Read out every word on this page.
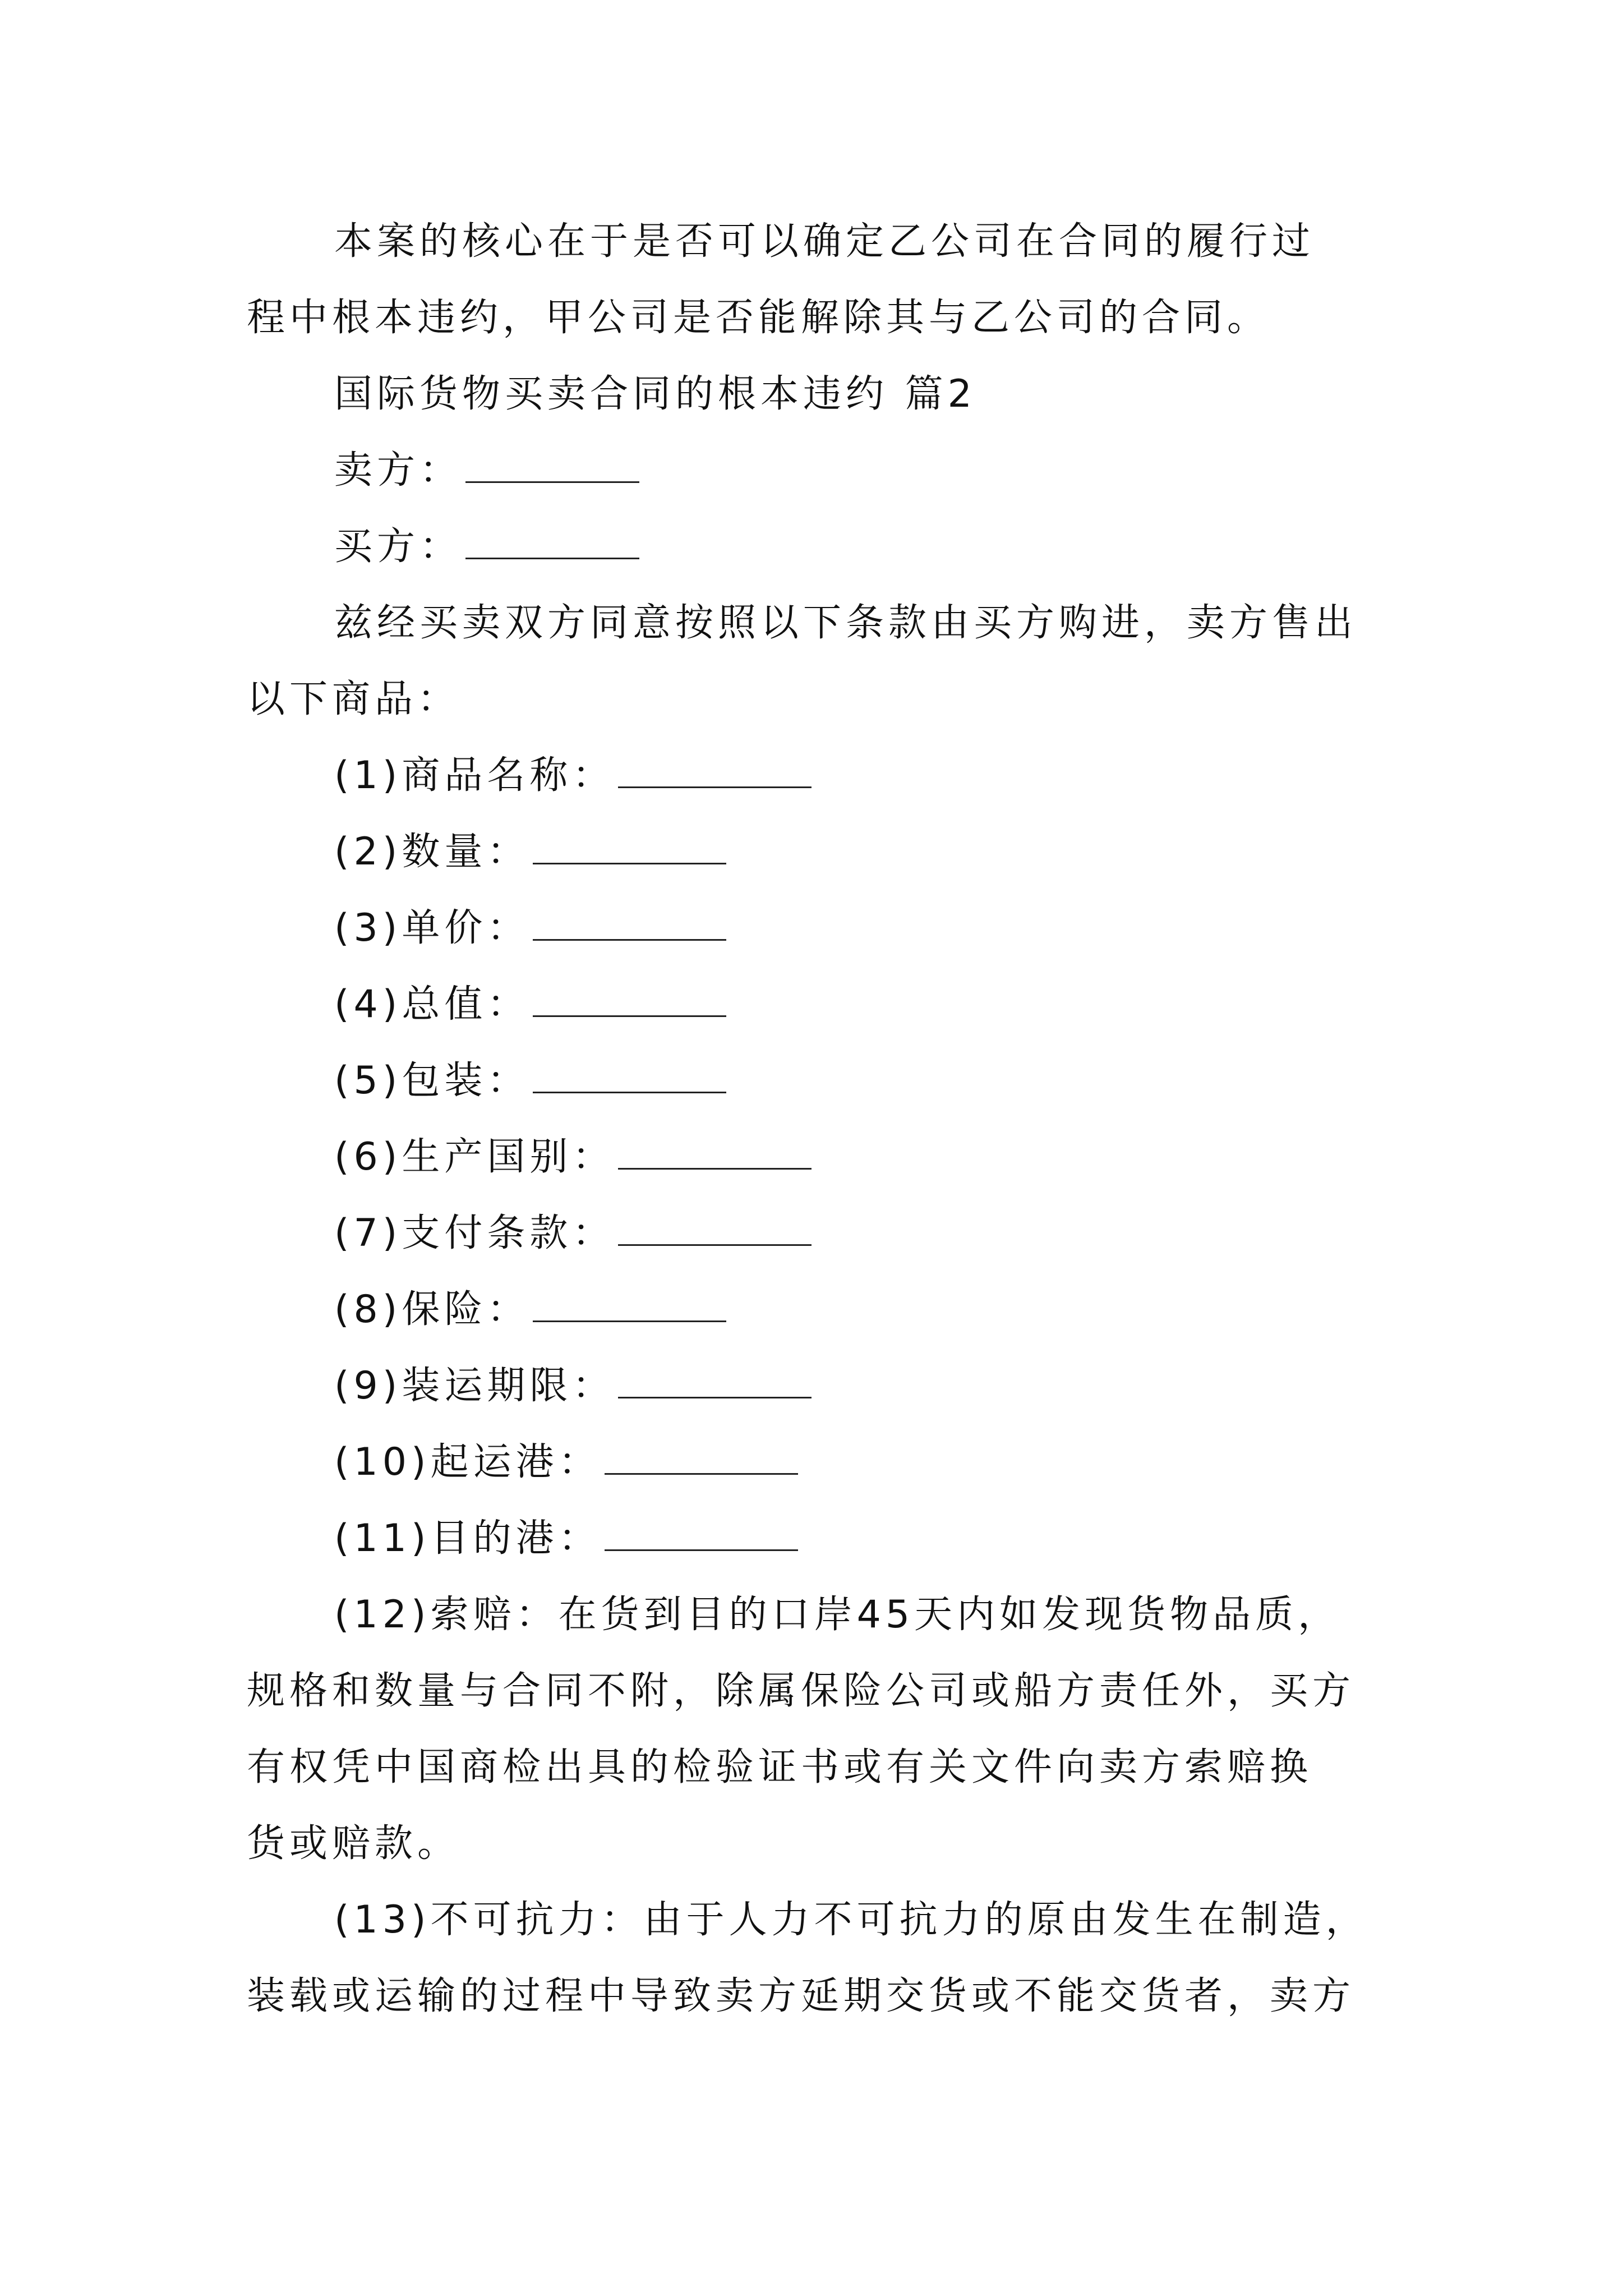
本案的核心在于是否可以确定乙公司在合同的履行过
程中根本违约，甲公司是否能解除其与乙公司的合同。
国际货物买卖合同的根本违约 篇2
卖方：
买方：
兹经买卖双方同意按照以下条款由买方购进，卖方售出
以下商品：
(1)商品名称：
(2)数量：
(3)单价：
(4)总值：
(5)包装：
(6)生产国别：
(7)支付条款：
(8)保险：
(9)装运期限：
(10)起运港：
(11)目的港：
(12)索赔：在货到目的口岸45天内如发现货物品质，
规格和数量与合同不附，除属保险公司或船方责任外，买方
有权凭中国商检出具的检验证书或有关文件向卖方索赔换
货或赔款。
(13)不可抗力：由于人力不可抗力的原由发生在制造，
装载或运输的过程中导致卖方延期交货或不能交货者，卖方
